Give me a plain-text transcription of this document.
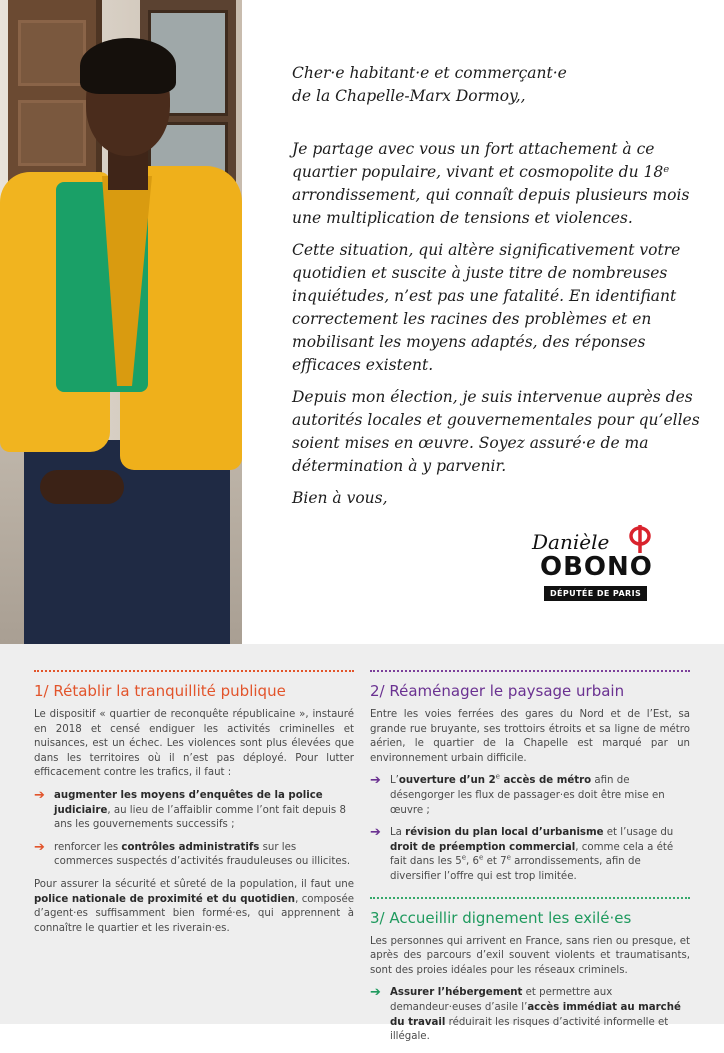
Cher·e habitant·e et commerçant·e
de la Chapelle-Marx Dormoy,,

Je partage avec vous un fort attachement à ce quartier populaire, vivant et cosmopolite du 18ᵉ arrondissement, qui connaît depuis plusieurs mois une multiplication de tensions et violences.

Cette situation, qui altère significativement votre quotidien et suscite à juste titre de nombreuses inquiétudes, n’est pas une fatalité. En identifiant correctement les racines des problèmes et en mobilisant les moyens adaptés, des réponses efficaces existent.

Depuis mon élection, je suis intervenue auprès des autorités locales et gouvernementales pour qu’elles soient mises en œuvre. Soyez assuré·e de ma détermination à y parvenir.

Bien à vous,

Danièle
OBONO
DÉPUTÉE DE PARIS
1/ Rétablir la tranquillité publique

Le dispositif « quartier de reconquête républicaine », instauré en 2018 et censé endiguer les activités criminelles et nuisances, est un échec. Les violences sont plus élevées que dans les territoires où il n’est pas déployé. Pour lutter efficacement contre les trafics, il faut :

➔ augmenter les moyens d’enquêtes de la police judiciaire, au lieu de l’affaiblir comme l’ont fait depuis 8 ans les gouvernements successifs ;
➔ renforcer les contrôles administratifs sur les commerces suspectés d’activités frauduleuses ou illicites.

Pour assurer la sécurité et sûreté de la population, il faut une police nationale de proximité et du quotidien, composée d’agent·es suffisamment bien formé·es, qui apprennent à connaître le quartier et les riverain·es.

2/ Réaménager le paysage urbain

Entre les voies ferrées des gares du Nord et de l’Est, sa grande rue bruyante, ses trottoirs étroits et sa ligne de métro aérien, le quartier de la Chapelle est marqué par un environnement urbain difficile.

➔ L’ouverture d’un 2e accès de métro afin de désengorger les flux de passager·es doit être mise en œuvre ;
➔ La révision du plan local d’urbanisme et l’usage du droit de préemption commercial, comme cela a été fait dans les 5e, 6e et 7e arrondissements, afin de diversifier l’offre qui est trop limitée.
3/ Accueillir dignement les exilé·es

Les personnes qui arrivent en France, sans rien ou presque, et après des parcours d’exil souvent violents et traumatisants, sont des proies idéales pour les réseaux criminels.

➔ Assurer l’hébergement et permettre aux demandeur·euses d’asile l’accès immédiat au marché du travail réduirait les risques d’activité informelle et illégale.
